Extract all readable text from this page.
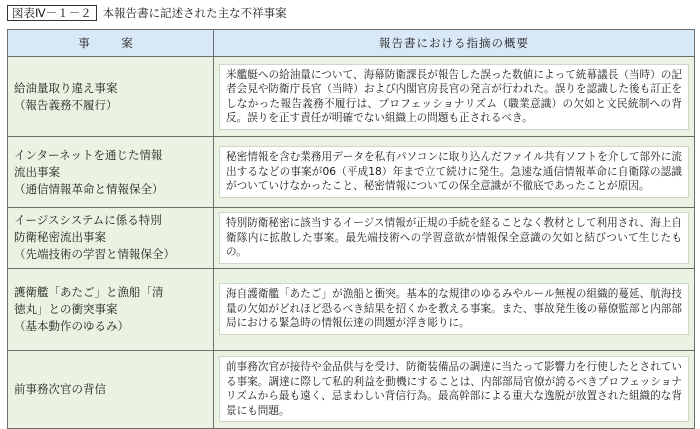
図表Ⅳ－１－２ 本報告書に記述された主な不祥事案
事　案	報告書における指摘の概要

給油量取り違え事案
（報告義務不履行）	米艦艇への給油量について、海幕防衛課長が報告した誤った数値によって統幕議長（当時）の記者会見や防衛庁長官（当時）および内閣官房長官の発言が行われた。誤りを認識した後も訂正をしなかった報告義務不履行は、プロフェッショナリズム（職業意識）の欠如と文民統制への背反。誤りを正す責任が明確でない組織上の問題も正されるべき。

インターネットを通じた情報
流出事案
（通信情報革命と情報保全）	秘密情報を含む業務用データを私有パソコンに取り込んだファイル共有ソフトを介して部外に流出するなどの事案が06（平成18）年まで立て続けに発生。急速な通信情報革命に自衛隊の認識がついていけなかったこと、秘密情報についての保全意識が不徹底であったことが原因。

イージスシステムに係る特別
防衛秘密流出事案
（先端技術の学習と情報保全）	特別防衛秘密に該当するイージス情報が正規の手続を経ることなく教材として利用され、海上自衛隊内に拡散した事案。最先端技術への学習意欲が情報保全意識の欠如と結びついて生じたもの。

護衛艦「あたご」と漁船「清
徳丸」との衝突事案
（基本動作のゆるみ）	海自護衛艦「あたご」が漁船と衝突。基本的な規律のゆるみやルール無視の組織的蔓延、航海技量の欠如がどれほど恐るべき結果を招くかを教える事案。また、事故発生後の幕僚監部と内部部局における緊急時の情報伝達の問題が浮き彫りに。

前事務次官の背信	前事務次官が接待や金品供与を受け、防衛装備品の調達に当たって影響力を行使したとされている事案。調達に際して私的利益を動機にすることは、内部部局官僚が誇るべきプロフェッショナリズムから最も遠く、忌まわしい背信行為。最高幹部による重大な逸脱が放置された組織的な背景にも問題。
